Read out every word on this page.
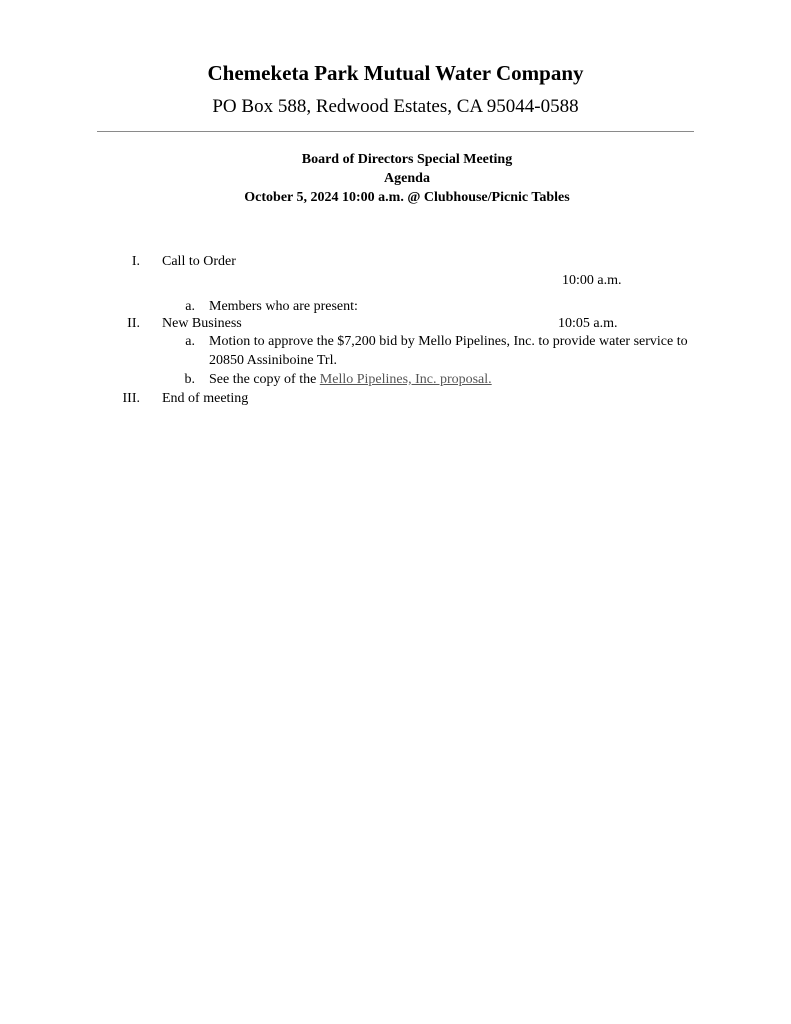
Chemeketa Park Mutual Water Company
PO Box 588, Redwood Estates, CA 95044-0588
Board of Directors Special Meeting
Agenda
October 5, 2024 10:00 a.m. @ Clubhouse/Picnic Tables
I. Call to Order
10:00 a.m.
a. Members who are present:
II. New Business	10:05 a.m.
a. Motion to approve the $7,200 bid by Mello Pipelines, Inc. to provide water service to
20850 Assiniboine Trl.
b. See the copy of the Mello Pipelines, Inc. proposal.
III. End of meeting
